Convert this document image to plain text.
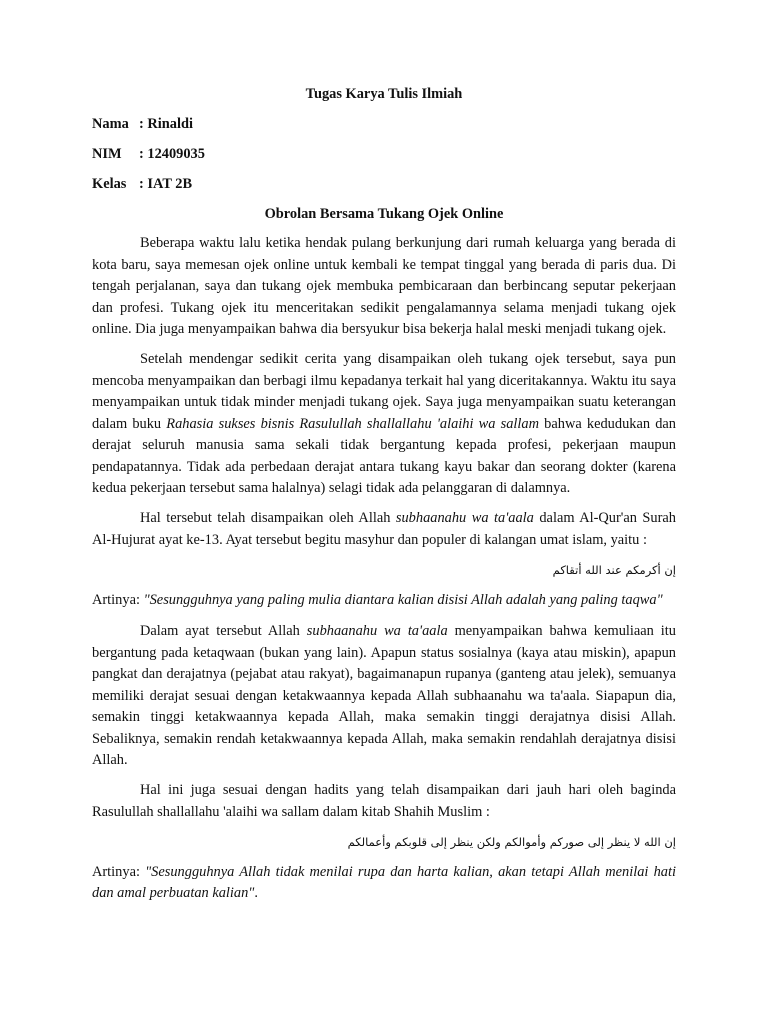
Tugas Karya Tulis Ilmiah
Nama : Rinaldi
NIM : 12409035
Kelas : IAT 2B
Obrolan Bersama Tukang Ojek Online

Beberapa waktu lalu ketika hendak pulang berkunjung dari rumah keluarga yang berada di kota baru, saya memesan ojek online untuk kembali ke tempat tinggal yang berada di paris dua. Di tengah perjalanan, saya dan tukang ojek membuka pembicaraan dan berbincang seputar pekerjaan dan profesi. Tukang ojek itu menceritakan sedikit pengalamannya selama menjadi tukang ojek online. Dia juga menyampaikan bahwa dia bersyukur bisa bekerja halal meski menjadi tukang ojek.

Setelah mendengar sedikit cerita yang disampaikan oleh tukang ojek tersebut, saya pun mencoba menyampaikan dan berbagi ilmu kepadanya terkait hal yang diceritakannya. Waktu itu saya menyampaikan untuk tidak minder menjadi tukang ojek. Saya juga menyampaikan suatu keterangan dalam buku Rahasia sukses bisnis Rasulullah shallallahu 'alaihi wa sallam bahwa kedudukan dan derajat seluruh manusia sama sekali tidak bergantung kepada profesi, pekerjaan maupun pendapatannya. Tidak ada perbedaan derajat antara tukang kayu bakar dan seorang dokter (karena kedua pekerjaan tersebut sama halalnya) selagi tidak ada pelanggaran di dalamnya.

Hal tersebut telah disampaikan oleh Allah subhaanahu wa ta'aala dalam Al-Qur'an Surah Al-Hujurat ayat ke-13. Ayat tersebut begitu masyhur dan populer di kalangan umat islam, yaitu :

إن أكرمكم عند الله أتقاكم

Artinya: "Sesungguhnya yang paling mulia diantara kalian disisi Allah adalah yang paling taqwa"

Dalam ayat tersebut Allah subhaanahu wa ta'aala menyampaikan bahwa kemuliaan itu bergantung pada ketaqwaan (bukan yang lain). Apapun status sosialnya (kaya atau miskin), apapun pangkat dan derajatnya (pejabat atau rakyat), bagaimanapun rupanya (ganteng atau jelek), semuanya memiliki derajat sesuai dengan ketakwaannya kepada Allah subhaanahu wa ta'aala. Siapapun dia, semakin tinggi ketakwaannya kepada Allah, maka semakin tinggi derajatnya disisi Allah. Sebaliknya, semakin rendah ketakwaannya kepada Allah, maka semakin rendahlah derajatnya disisi Allah.

Hal ini juga sesuai dengan hadits yang telah disampaikan dari jauh hari oleh baginda Rasulullah shallallahu 'alaihi wa sallam dalam kitab Shahih Muslim :

إن الله لا ينظر إلى صوركم وأموالكم ولكن ينظر إلى قلوبكم وأعمالكم

Artinya: "Sesungguhnya Allah tidak menilai rupa dan harta kalian, akan tetapi Allah menilai hati dan amal perbuatan kalian".
